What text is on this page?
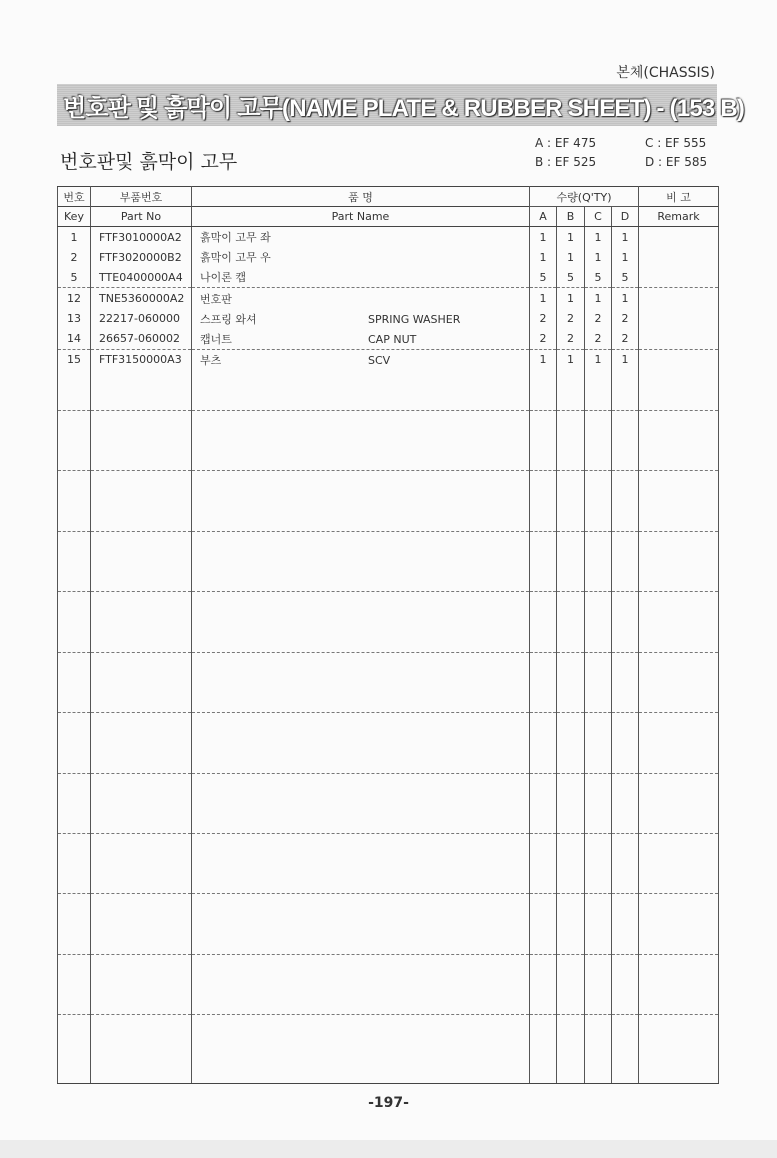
본체(CHASSIS)
번호판 및 흙막이 고무(NAME PLATE & RUBBER SHEET) - (153 B)
번호판및 흙막이 고무
A : EF 475
B : EF 525
C : EF 555
D : EF 585
번호	부품번호	품 명	수량(Q'TY)				비 고
Key	Part No	Part Name	A	B	C	D	Remark
1	FTF3010000A2	흙막이 고무 좌	1	1	1	1	
2	FTF3020000B2	흙막이 고무 우	1	1	1	1	
5	TTE0400000A4	나이론 캡	5	5	5	5	
12	TNE5360000A2	번호판	1	1	1	1	
13	22217-060000	스프링 와셔 SPRING WASHER	2	2	2	2	
14	26657-060002	캡너트 CAP NUT	2	2	2	2	
15	FTF3150000A3	부츠 SCV	1	1	1	1	

-197-
